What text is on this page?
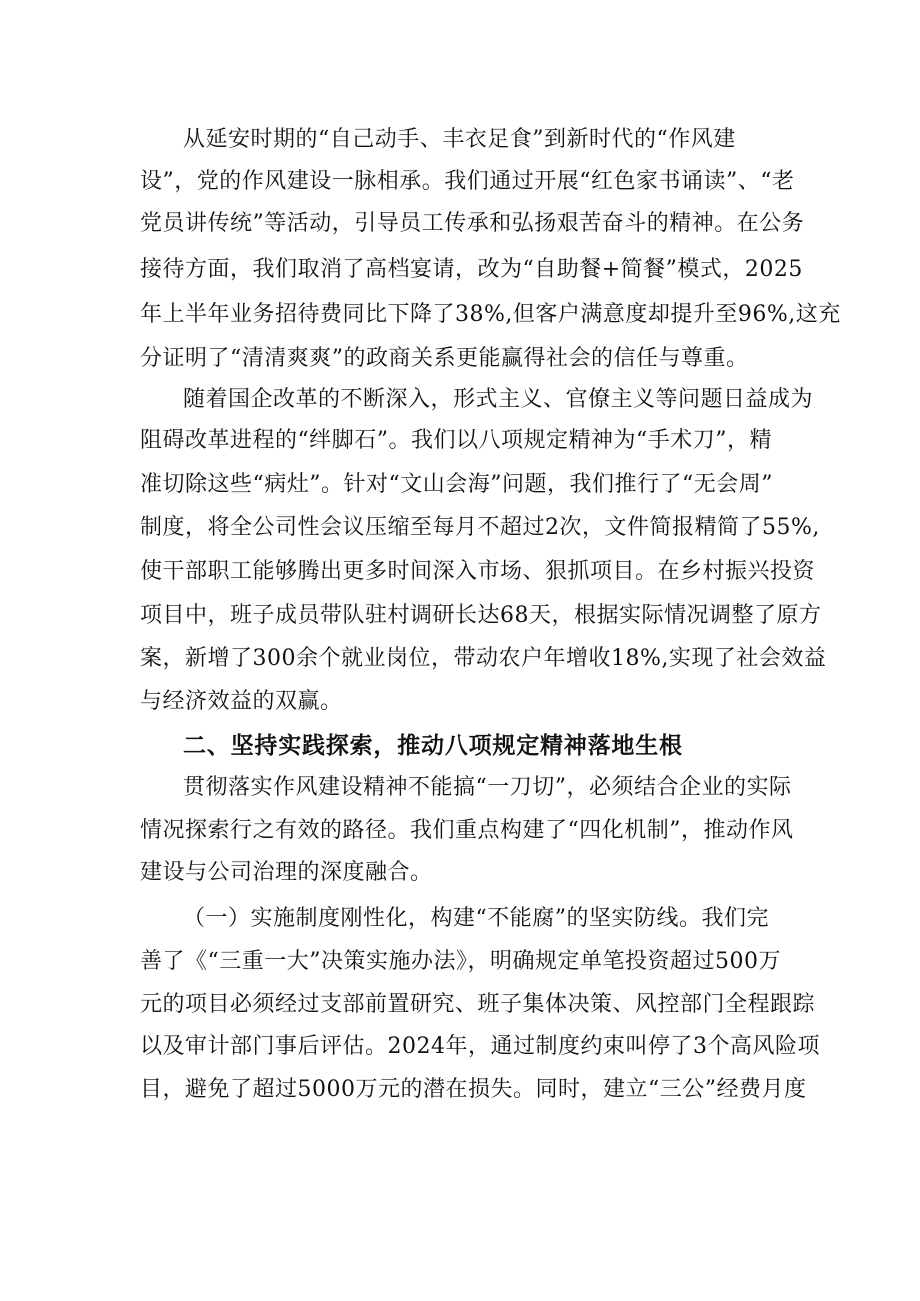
从延安时期的“自己动手、丰衣足食”到新时代的“作风建
设”，党的作风建设一脉相承。我们通过开展“红色家书诵读”、“老
党员讲传统”等活动，引导员工传承和弘扬艰苦奋斗的精神。在公务
接待方面，我们取消了高档宴请，改为“自助餐+简餐”模式，2025
年上半年业务招待费同比下降了38%,但客户满意度却提升至96%,这充
分证明了“清清爽爽”的政商关系更能赢得社会的信任与尊重。
随着国企改革的不断深入，形式主义、官僚主义等问题日益成为
阻碍改革进程的“绊脚石”。我们以八项规定精神为“手术刀”，精
准切除这些“病灶”。针对“文山会海”问题，我们推行了“无会周”
制度，将全公司性会议压缩至每月不超过2次，文件简报精简了55%,
使干部职工能够腾出更多时间深入市场、狠抓项目。在乡村振兴投资
项目中，班子成员带队驻村调研长达68天，根据实际情况调整了原方
案，新增了300余个就业岗位，带动农户年增收18%,实现了社会效益
与经济效益的双赢。
二、坚持实践探索，推动八项规定精神落地生根
贯彻落实作风建设精神不能搞“一刀切”，必须结合企业的实际
情况探索行之有效的路径。我们重点构建了“四化机制”，推动作风
建设与公司治理的深度融合。
（一）实施制度刚性化，构建“不能腐”的坚实防线。我们完
善了《“三重一大”决策实施办法》，明确规定单笔投资超过500万
元的项目必须经过支部前置研究、班子集体决策、风控部门全程跟踪
以及审计部门事后评估。2024年，通过制度约束叫停了3个高风险项
目，避免了超过5000万元的潜在损失。同时，建立“三公”经费月度
